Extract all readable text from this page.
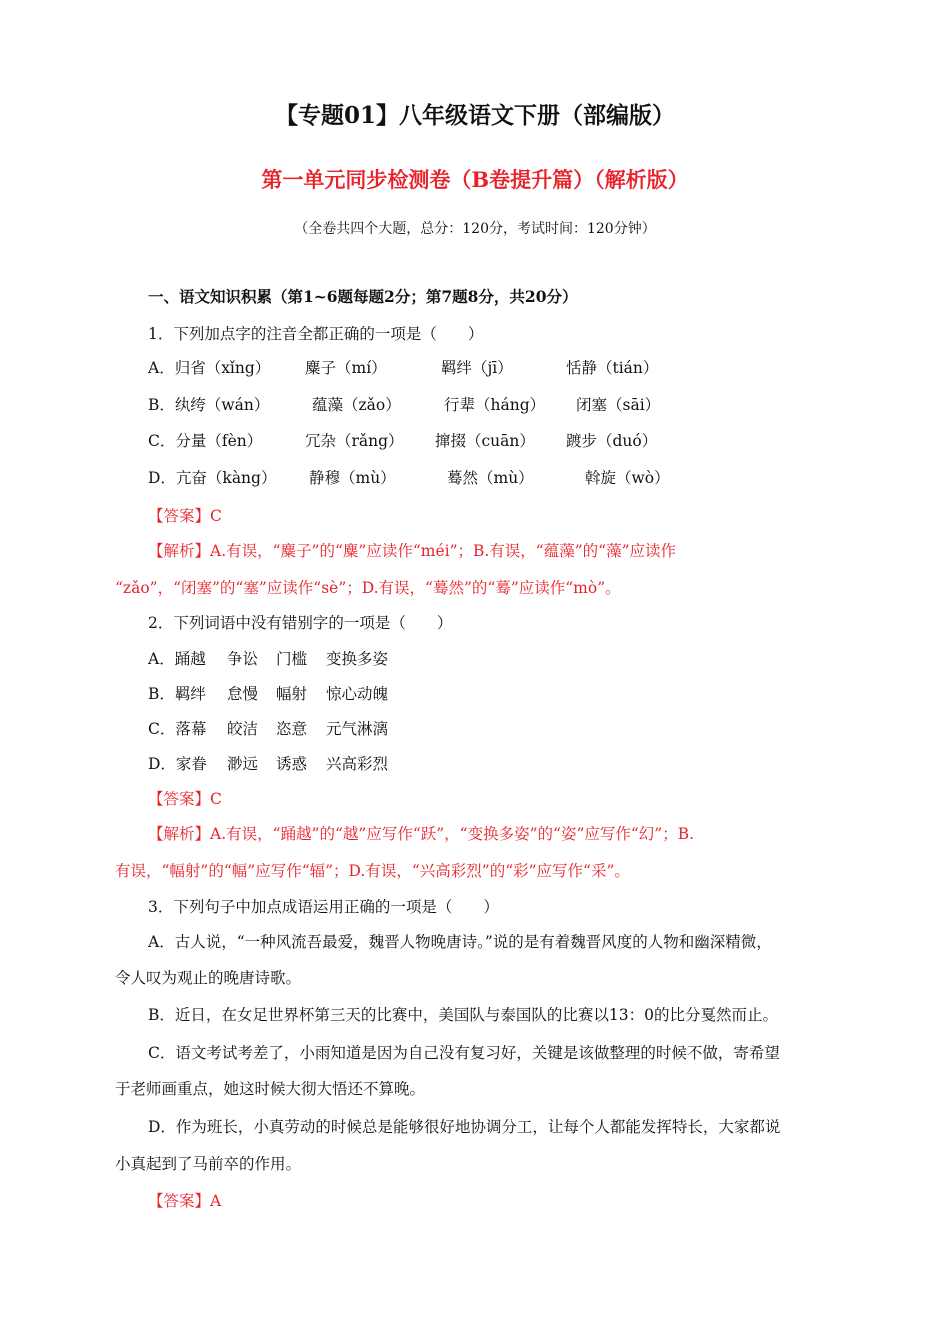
【专题01】八年级语文下册（部编版）
第一单元同步检测卷（B卷提升篇）（解析版）
（全卷共四个大题，总分：120分，考试时间：120分钟）
一、语文知识积累（第1~6题每题2分；第7题8分，共20分）
1．下列加点字的注音全都正确的一项是（　　）
A．归省（xǐng） 麋子（mí）	羁绊（jī）	恬静（tián）
B．纨绔（wán）	蕴藻（zǎo）	行辈（háng） 闭塞（sāi）
C．分量（fèn）	冗杂（rǎng） 撺掇（cuān） 踱步（duó）
D．亢奋（kàng） 静穆（mù）	蓦然（mù）	斡旋（wò）
【答案】C
【解析】A.有误，“麋子”的“麋”应读作“méi”；B.有误，“蕴藻”的“藻”应读作
“zǎo”，“闭塞”的“塞”应读作“sè”；D.有误，“蓦然”的“蓦”应读作“mò”。
2．下列词语中没有错别字的一项是（　　）
A．踊越 争讼 门槛 变换多姿
B．羁绊 怠慢 幅射 惊心动魄
C．落幕 皎洁 恣意 元气淋漓
D．家眷 渺远 诱惑 兴高彩烈
【答案】C
【解析】A.有误，“踊越”的“越”应写作“跃”，“变换多姿”的“姿”应写作“幻”；B.
有误，“幅射”的“幅”应写作“辐”；D.有误，“兴高彩烈”的“彩”应写作“采”。
3．下列句子中加点成语运用正确的一项是（　　）
A．古人说，“一种风流吾最爱，魏晋人物晚唐诗。”说的是有着魏晋风度的人物和幽深精微，
令人叹为观止的晚唐诗歌。
B．近日，在女足世界杯第三天的比赛中，美国队与泰国队的比赛以13：0的比分戛然而止。
C．语文考试考差了，小雨知道是因为自己没有复习好，关键是该做整理的时候不做，寄希望
于老师画重点，她这时候大彻大悟还不算晚。
D．作为班长，小真劳动的时候总是能够很好地协调分工，让每个人都能发挥特长，大家都说
小真起到了马前卒的作用。
【答案】A
